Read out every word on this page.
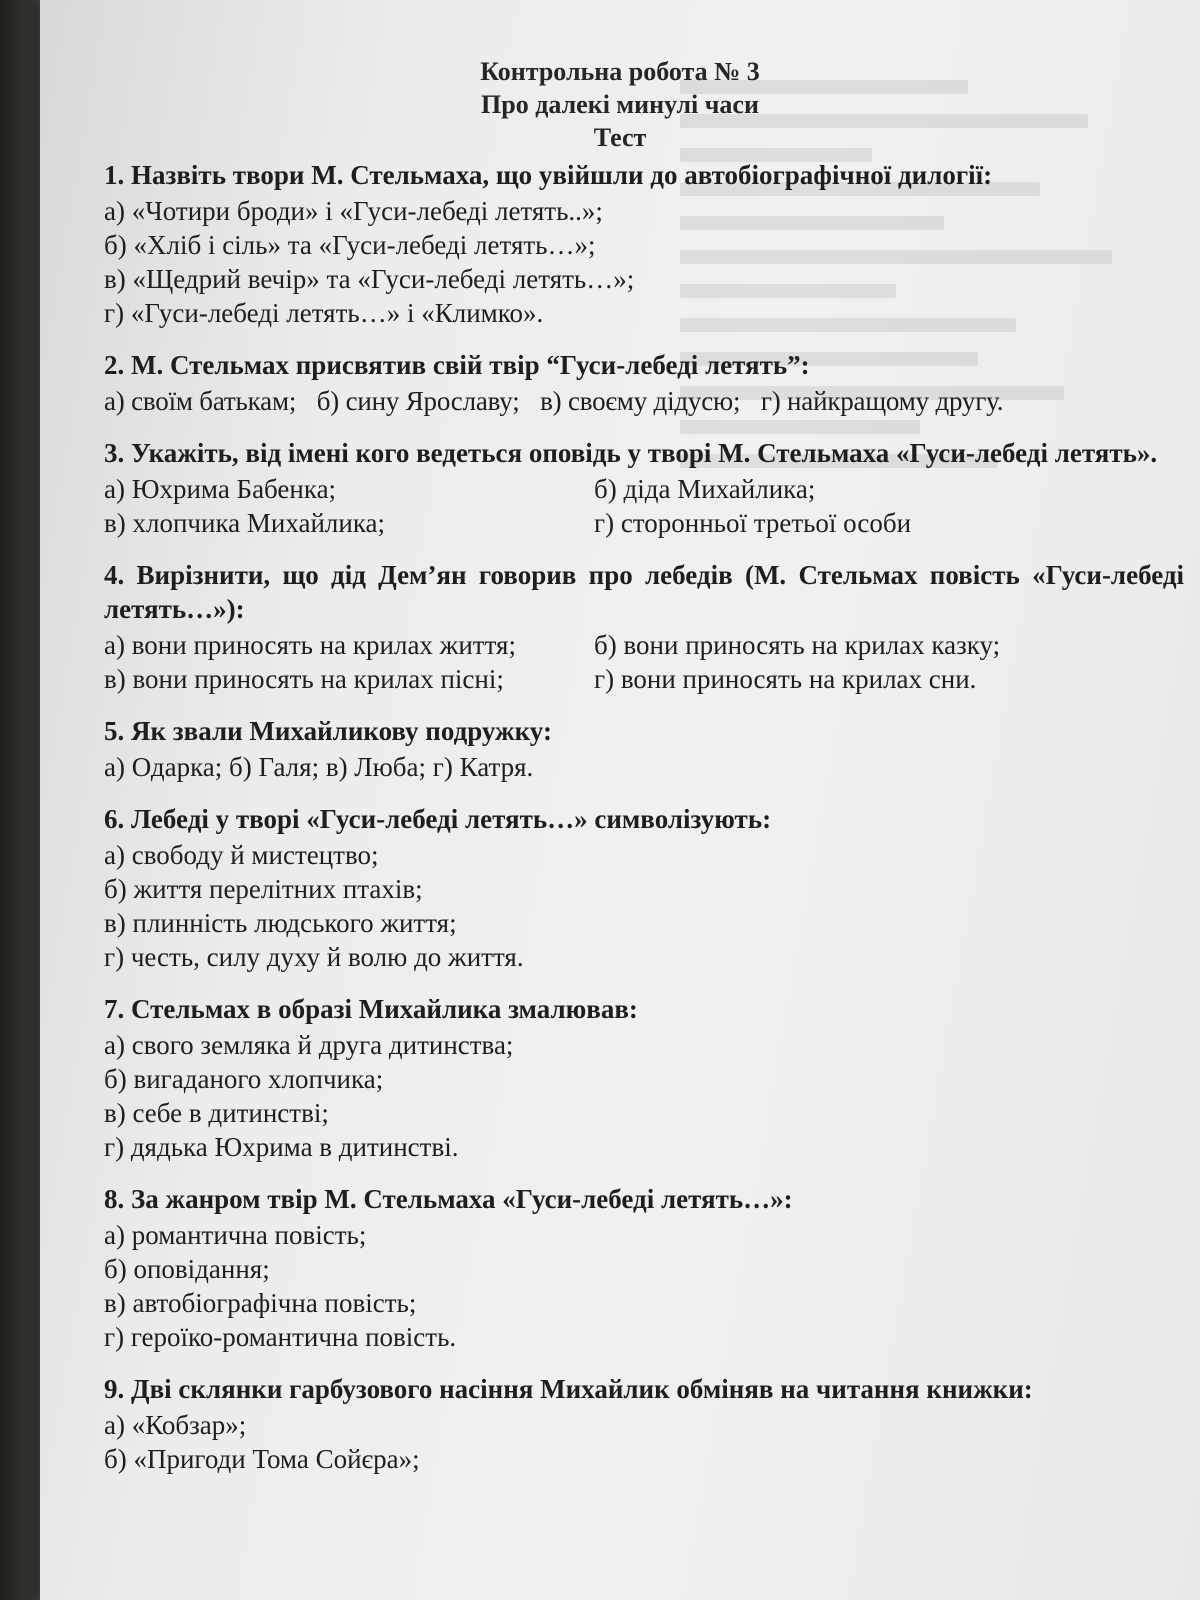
Контрольна робота № 3
Про далекі минулі часи
Тест
1. Назвіть твори М. Стельмаха, що увійшли до автобіографічної дилогії:
а) «Чотири броди» і «Гуси-лебеді летять..»;
б) «Хліб і сіль» та «Гуси-лебеді летять…»;
в) «Щедрий вечір» та «Гуси-лебеді летять…»;
г) «Гуси-лебеді летять…» і «Климко».
2. М. Стельмах присвятив свій твір “Гуси-лебеді летять”:
а) своїм батькам; б) сину Ярославу; в) своєму дідусю; г) найкращому другу.
3. Укажіть, від імені кого ведеться оповідь у творі М. Стельмаха «Гуси-лебеді летять».
а) Юхрима Бабенка;	б) діда Михайлика;
в) хлопчика Михайлика;	г) сторонньої третьої особи
4. Вирізнити, що дід Дем’ян говорив про лебедів (М. Стельмах повість «Гуси-лебеді летять…»):
а) вони приносять на крилах життя;	б) вони приносять на крилах казку;
в) вони приносять на крилах пісні;	г) вони приносять на крилах сни.
5. Як звали Михайликову подружку:
а) Одарка; б) Галя; в) Люба; г) Катря.
6. Лебеді у творі «Гуси-лебеді летять…» символізують:
а) свободу й мистецтво;
б) життя перелітних птахів;
в) плинність людського життя;
г) честь, силу духу й волю до життя.
7. Стельмах в образі Михайлика змалював:
а) свого земляка й друга дитинства;
б) вигаданого хлопчика;
в) себе в дитинстві;
г) дядька Юхрима в дитинстві.
8. За жанром твір М. Стельмаха «Гуси-лебеді летять…»:
а) романтична повість;
б) оповідання;
в) автобіографічна повість;
г) героїко-романтична повість.
9. Дві склянки гарбузового насіння Михайлик обміняв на читання книжки:
а) «Кобзар»;
б) «Пригоди Тома Сойєра»;
